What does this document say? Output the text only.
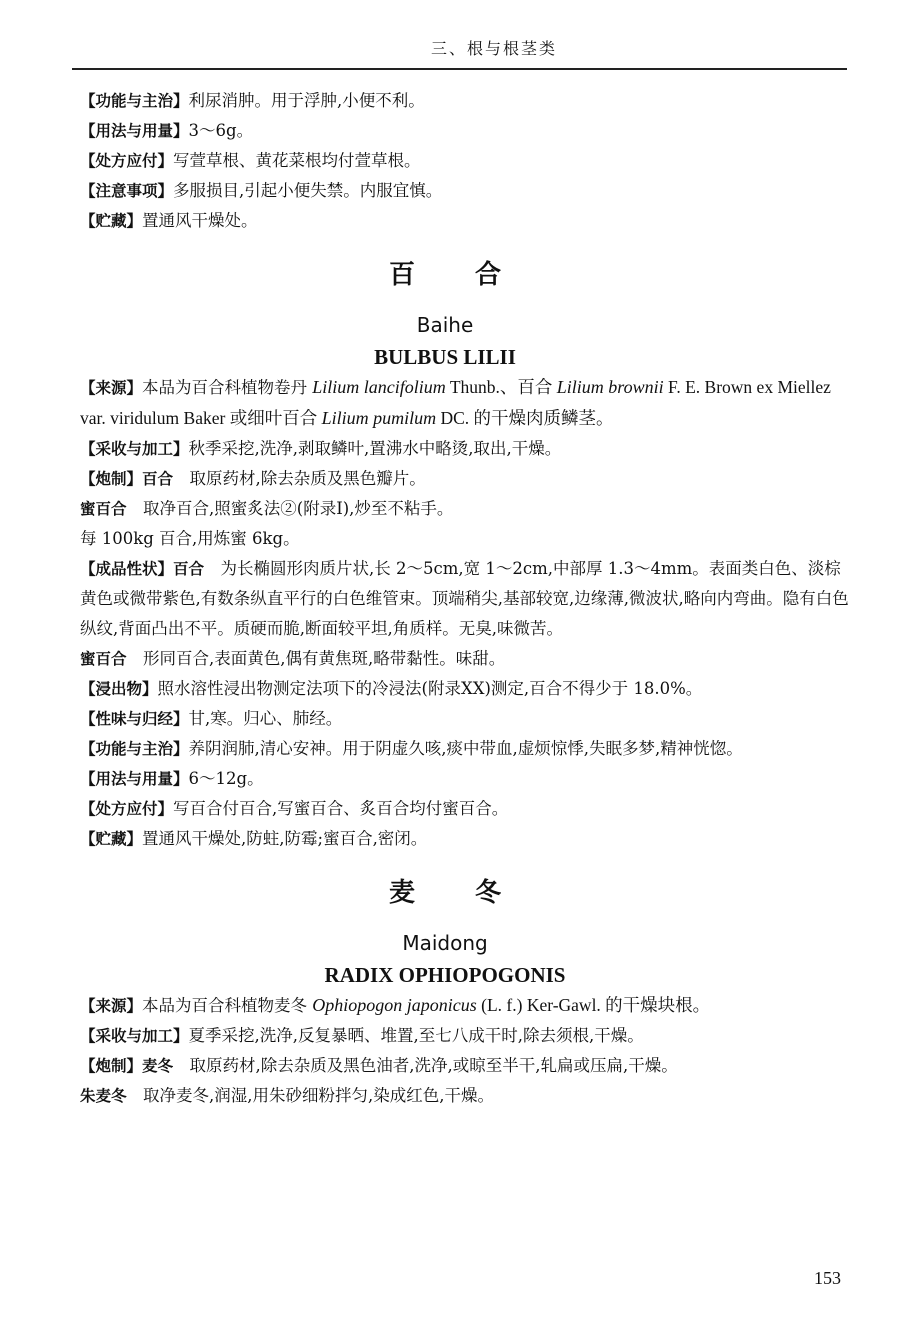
三、根与根茎类

【功能与主治】利尿消肿。用于浮肿,小便不利。

【用法与用量】3～6g。

【处方应付】写萱草根、黄花菜根均付萱草根。

【注意事项】多服损目,引起小便失禁。内服宜慎。

【贮藏】置通风干燥处。

百合

Baihe

BULBUS LILII

【来源】本品为百合科植物卷丹 Lilium lancifolium Thunb.、百合 Lilium brownii F. E. Brown ex Miellez var. viridulum Baker 或细叶百合 Lilium pumilum DC. 的干燥肉质鳞茎。

【采收与加工】秋季采挖,洗净,剥取鳞叶,置沸水中略烫,取出,干燥。

【炮制】百合　取原药材,除去杂质及黑色瓣片。

蜜百合　取净百合,照蜜炙法②(附录Ⅰ),炒至不粘手。

每 100kg 百合,用炼蜜 6kg。

【成品性状】百合　为长椭圆形肉质片状,长 2～5cm,宽 1～2cm,中部厚 1.3～4mm。表面类白色、淡棕黄色或微带紫色,有数条纵直平行的白色维管束。顶端稍尖,基部较宽,边缘薄,微波状,略向内弯曲。隐有白色纵纹,背面凸出不平。质硬而脆,断面较平坦,角质样。无臭,味微苦。

蜜百合　形同百合,表面黄色,偶有黄焦斑,略带黏性。味甜。

【浸出物】照水溶性浸出物测定法项下的冷浸法(附录XX)测定,百合不得少于 18.0%。

【性味与归经】甘,寒。归心、肺经。

【功能与主治】养阴润肺,清心安神。用于阴虚久咳,痰中带血,虚烦惊悸,失眠多梦,精神恍惚。

【用法与用量】6～12g。

【处方应付】写百合付百合,写蜜百合、炙百合均付蜜百合。

【贮藏】置通风干燥处,防蛀,防霉;蜜百合,密闭。

麦冬

Maidong

RADIX OPHIOPOGONIS

【来源】本品为百合科植物麦冬 Ophiopogon japonicus (L. f.) Ker-Gawl. 的干燥块根。

【采收与加工】夏季采挖,洗净,反复暴晒、堆置,至七八成干时,除去须根,干燥。

【炮制】麦冬　取原药材,除去杂质及黑色油者,洗净,或晾至半干,轧扁或压扁,干燥。

朱麦冬　取净麦冬,润湿,用朱砂细粉拌匀,染成红色,干燥。

153
